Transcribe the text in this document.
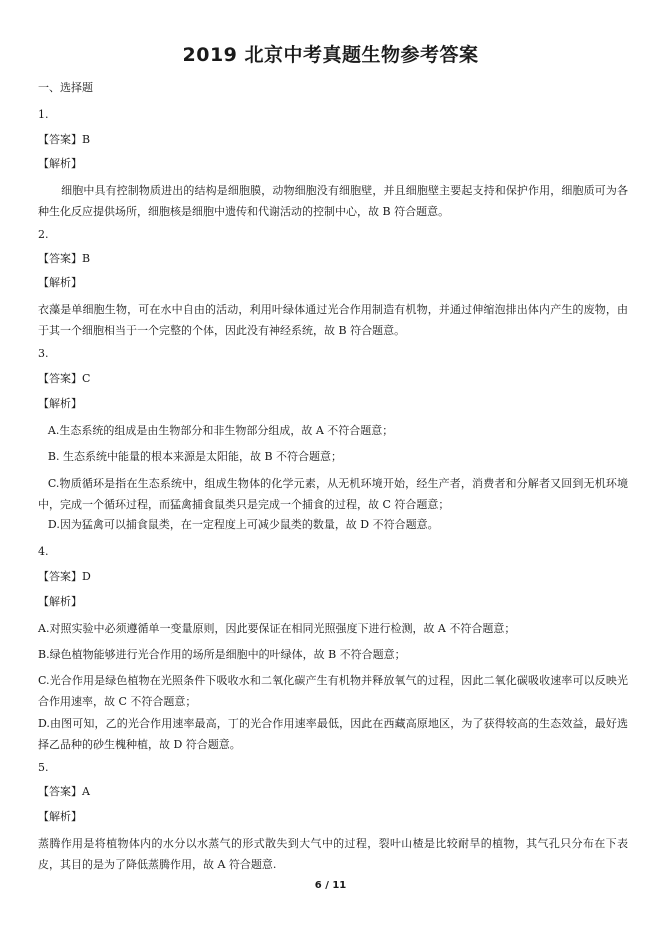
2019 北京中考真题生物参考答案
一、选择题
1.
【答案】B
【解析】
细胞中具有控制物质进出的结构是细胞膜，动物细胞没有细胞壁，并且细胞壁主要起支持和保护作用，细胞质可为各种生化反应提供场所，细胞核是细胞中遗传和代谢活动的控制中心，故 B 符合题意。
2.
【答案】B
【解析】
衣藻是单细胞生物，可在水中自由的活动，利用叶绿体通过光合作用制造有机物，并通过伸缩泡排出体内产生的废物，由于其一个细胞相当于一个完整的个体，因此没有神经系统，故 B 符合题意。
3.
【答案】C
【解析】
A.生态系统的组成是由生物部分和非生物部分组成，故 A 不符合题意；
B. 生态系统中能量的根本来源是太阳能，故 B 不符合题意；
C.物质循环是指在生态系统中，组成生物体的化学元素，从无机环境开始，经生产者，消费者和分解者又回到无机环境中，完成一个循环过程，而猛禽捕食鼠类只是完成一个捕食的过程，故 C 符合题意；
D.因为猛禽可以捕食鼠类，在一定程度上可减少鼠类的数量，故 D 不符合题意。
4.
【答案】D
【解析】
A.对照实验中必须遵循单一变量原则，因此要保证在相同光照强度下进行检测，故 A 不符合题意；
B.绿色植物能够进行光合作用的场所是细胞中的叶绿体，故 B 不符合题意；
C.光合作用是绿色植物在光照条件下吸收水和二氧化碳产生有机物并释放氧气的过程，因此二氧化碳吸收速率可以反映光合作用速率，故 C 不符合题意；
D.由图可知，乙的光合作用速率最高，丁的光合作用速率最低，因此在西藏高原地区，为了获得较高的生态效益，最好选择乙品种的砂生槐种植，故 D 符合题意。
5.
【答案】A
【解析】
蒸腾作用是将植物体内的水分以水蒸气的形式散失到大气中的过程，裂叶山楂是比较耐旱的植物，其气孔只分布在下表皮，其目的是为了降低蒸腾作用，故 A 符合题意.
6 / 11
